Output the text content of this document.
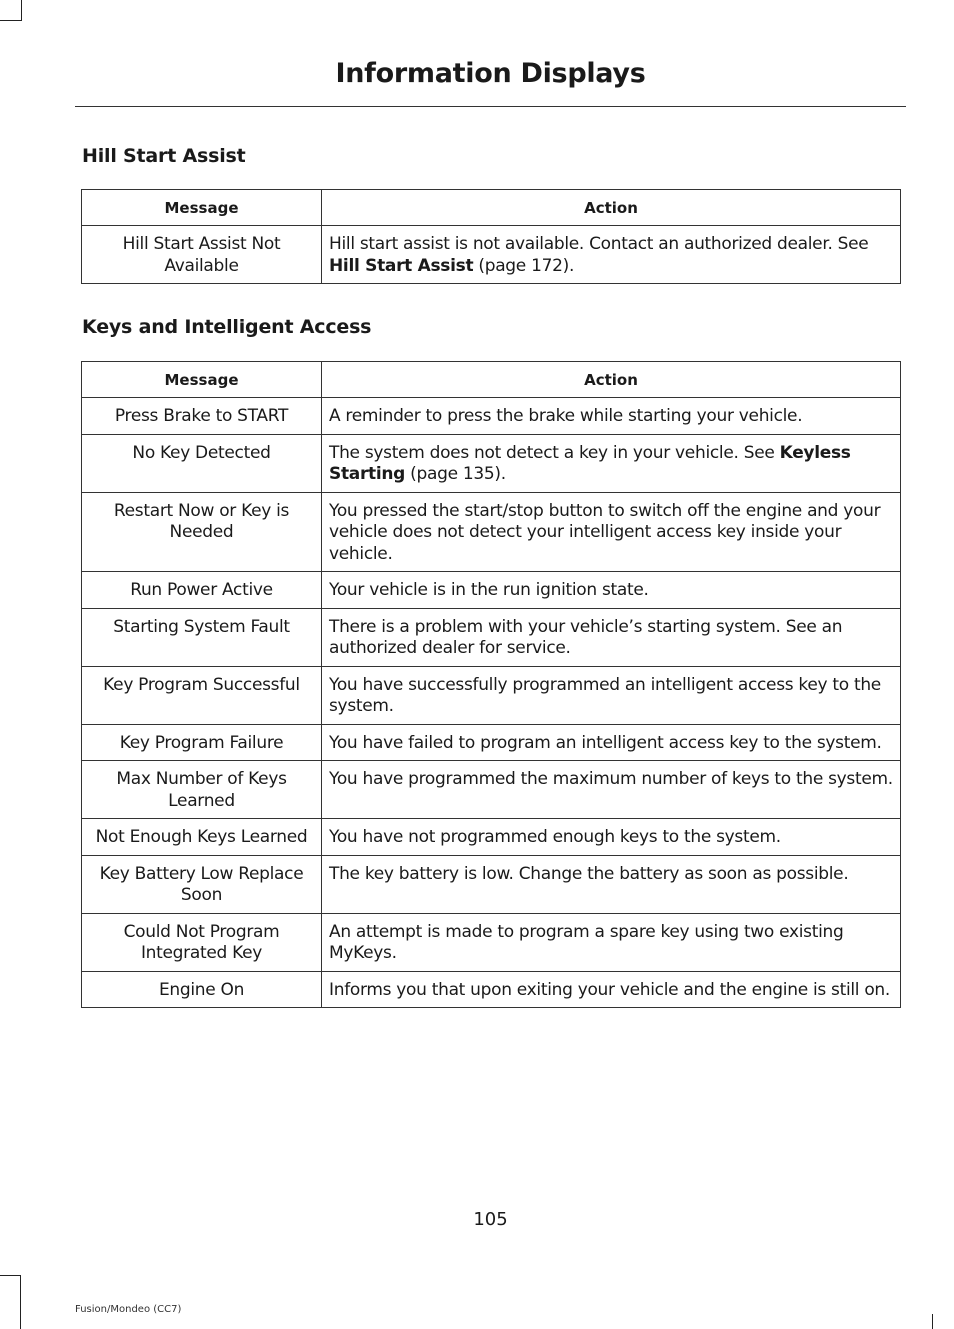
Information Displays
Hill Start Assist
Message	Action
Hill Start Assist Not Available	Hill start assist is not available. Contact an authorized dealer. See Hill Start Assist (page 172).
Keys and Intelligent Access
Message	Action
Press Brake to START	A reminder to press the brake while starting your vehicle.
No Key Detected	The system does not detect a key in your vehicle. See Keyless Starting (page 135).
Restart Now or Key is Needed	You pressed the start/stop button to switch off the engine and your vehicle does not detect your intelligent access key inside your vehicle.
Run Power Active	Your vehicle is in the run ignition state.
Starting System Fault	There is a problem with your vehicle’s starting system. See an authorized dealer for service.
Key Program Successful	You have successfully programmed an intelligent access key to the system.
Key Program Failure	You have failed to program an intelligent access key to the system.
Max Number of Keys Learned	You have programmed the maximum number of keys to the system.
Not Enough Keys Learned	You have not programmed enough keys to the system.
Key Battery Low Replace Soon	The key battery is low. Change the battery as soon as possible.
Could Not Program Integrated Key	An attempt is made to program a spare key using two existing MyKeys.
Engine On	Informs you that upon exiting your vehicle and the engine is still on.
105
Fusion/Mondeo (CC7)
